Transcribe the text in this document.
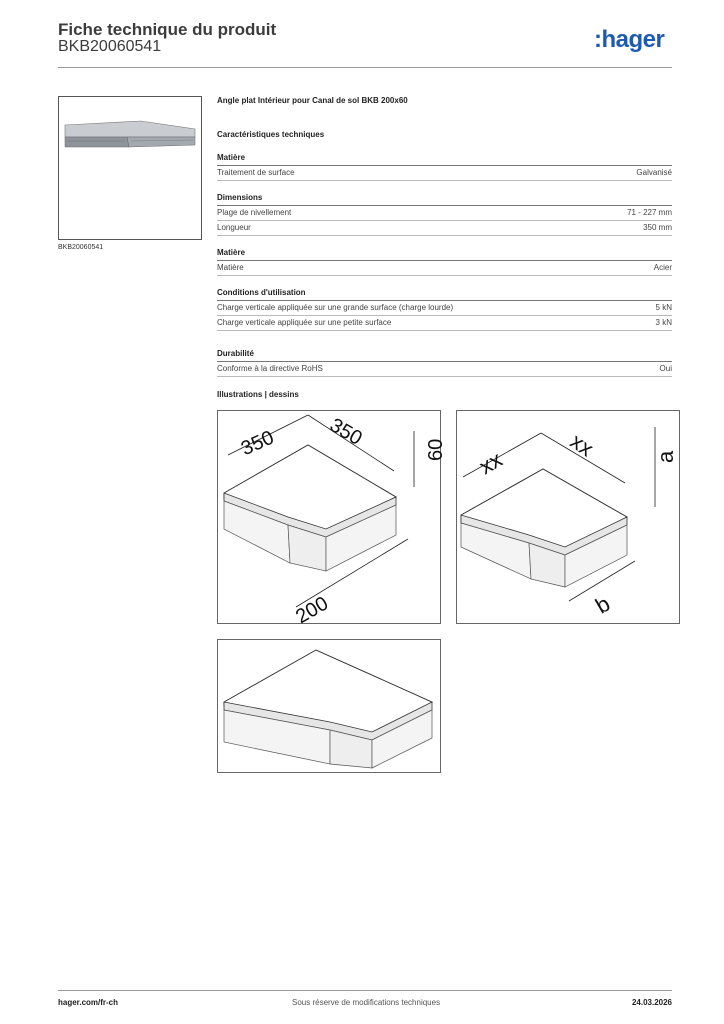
Fiche technique du produit
BKB20060541	:hager
BKB20060541
Angle plat Intérieur pour Canal de sol BKB 200x60
Caractéristiques techniques
Matière
Traitement de surface	Galvanisé
Dimensions
Plage de nivellement	71 - 227 mm
Longueur	350 mm
Matière
Matière	Acier
Conditions d'utilisation
Charge verticale appliquée sur une grande surface (charge lourde)	5 kN
Charge verticale appliquée sur une petite surface	3 kN
Durabilité
Conforme à la directive RoHS	Oui
Illustrations | dessins
350 350	60
200
xx
xx a
b
hager.com/fr-ch	Sous réserve de modifications techniques	24.03.2026
